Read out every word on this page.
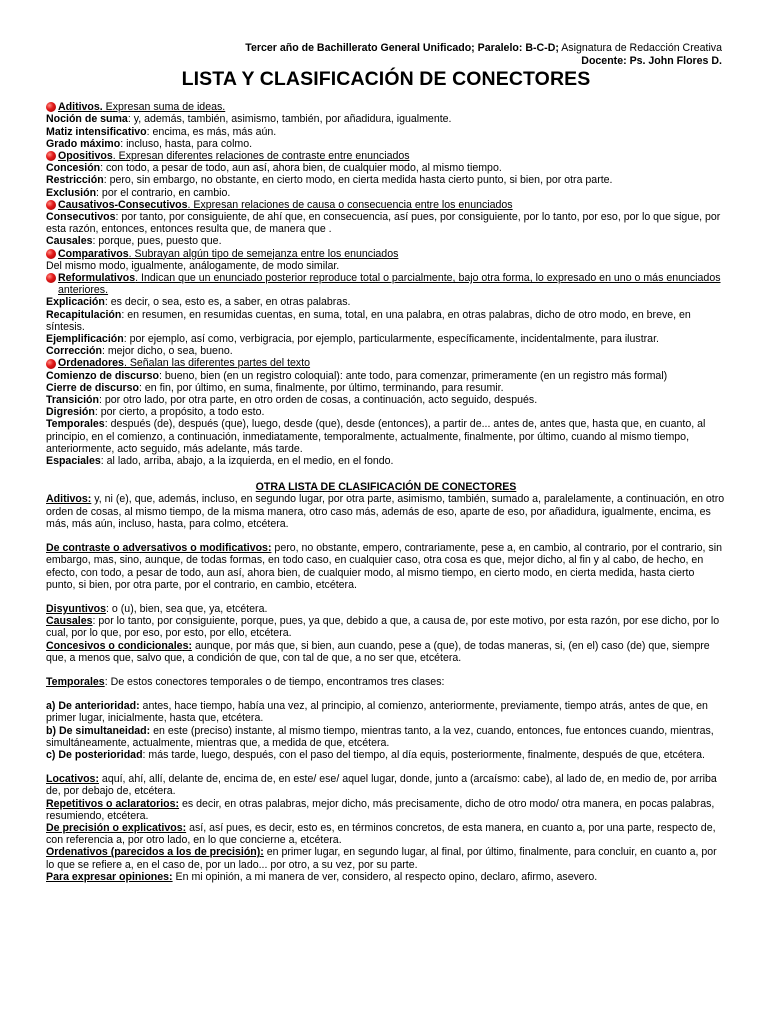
Tercer año de Bachillerato General Unificado; Paralelo: B-C-D; Asignatura de Redacción Creativa
Docente: Ps. John Flores D.
LISTA Y CLASIFICACIÓN DE CONECTORES
Aditivos. Expresan suma de ideas.

Noción de suma: y, además, también, asimismo, también, por añadidura, igualmente.

Matiz intensificativo: encima, es más, más aún.

Grado máximo: incluso, hasta, para colmo.

Opositivos. Expresan diferentes relaciones de contraste entre enunciados

Concesión: con todo, a pesar de todo, aun así, ahora bien, de cualquier modo, al mismo tiempo.

Restricción: pero, sin embargo, no obstante, en cierto modo, en cierta medida hasta cierto punto, si bien, por otra parte.

Exclusión: por el contrario, en cambio.

Causativos-Consecutivos. Expresan relaciones de causa o consecuencia entre los enunciados

Consecutivos: por tanto, por consiguiente, de ahí que, en consecuencia, así pues, por consiguiente, por lo tanto, por eso, por lo que sigue, por esta razón, entonces, entonces resulta que, de manera que .

Causales: porque, pues, puesto que.

Comparativos. Subrayan algún tipo de semejanza entre los enunciados

Del mismo modo, igualmente, análogamente, de modo similar.

Reformulativos. Indican que un enunciado posterior reproduce total o parcialmente, bajo otra forma, lo expresado en uno o más enunciados anteriores.

Explicación: es decir, o sea, esto es, a saber, en otras palabras.

Recapitulación: en resumen, en resumidas cuentas, en suma, total, en una palabra, en otras palabras, dicho de otro modo, en breve, en síntesis.

Ejemplificación: por ejemplo, así como, verbigracia, por ejemplo, particularmente, específicamente, incidentalmente, para ilustrar.

Corrección: mejor dicho, o sea, bueno.

Ordenadores. Señalan las diferentes partes del texto

Comienzo de discurso: bueno, bien (en un registro coloquial): ante todo, para comenzar, primeramente (en un registro más formal)

Cierre de discurso: en fin, por último, en suma, finalmente, por último, terminando, para resumir.

Transición: por otro lado, por otra parte, en otro orden de cosas, a continuación, acto seguido, después.

Digresión: por cierto, a propósito, a todo esto.

Temporales: después (de), después (que), luego, desde (que), desde (entonces), a partir de... antes de, antes que, hasta que, en cuanto, al principio, en el comienzo, a continuación, inmediatamente, temporalmente, actualmente, finalmente, por último, cuando al mismo tiempo, anteriormente, acto seguido, más adelante, más tarde.

Espaciales: al lado, arriba, abajo, a la izquierda, en el medio, en el fondo.

OTRA LISTA DE CLASIFICACIÓN DE CONECTORES

Aditivos: y, ni (e), que, además, incluso, en segundo lugar, por otra parte, asimismo, también, sumado a, paralelamente, a continuación, en otro orden de cosas, al mismo tiempo, de la misma manera, otro caso más, además de eso, aparte de eso, por añadidura, igualmente, encima, es más, más aún, incluso, hasta, para colmo, etcétera.

De contraste o adversativos o modificativos: pero, no obstante, empero, contrariamente, pese a, en cambio, al contrario, por el contrario, sin embargo, mas, sino, aunque, de todas formas, en todo caso, en cualquier caso, otra cosa es que, mejor dicho, al fin y al cabo, de hecho, en efecto, con todo, a pesar de todo, aun así, ahora bien, de cualquier modo, al mismo tiempo, en cierto modo, en cierta medida, hasta cierto punto, si bien, por otra parte, por el contrario, en cambio, etcétera.

Disyuntivos: o (u), bien, sea que, ya, etcétera.

Causales: por lo tanto, por consiguiente, porque, pues, ya que, debido a que, a causa de, por este motivo, por esta razón, por ese dicho, por lo cual, por lo que, por eso, por esto, por ello, etcétera.

Concesivos o condicionales: aunque, por más que, si bien, aun cuando, pese a (que), de todas maneras, si, (en el) caso (de) que, siempre que, a menos que, salvo que, a condición de que, con tal de que, a no ser que, etcétera.

Temporales: De estos conectores temporales o de tiempo, encontramos tres clases:

a) De anterioridad: antes, hace tiempo, había una vez, al principio, al comienzo, anteriormente, previamente, tiempo atrás, antes de que, en primer lugar, inicialmente, hasta que, etcétera.

b) De simultaneidad: en este (preciso) instante, al mismo tiempo, mientras tanto, a la vez, cuando, entonces, fue entonces cuando, mientras, simultáneamente, actualmente, mientras que, a medida de que, etcétera.

c) De posterioridad: más tarde, luego, después, con el paso del tiempo, al día equis, posteriormente, finalmente, después de que, etcétera.

Locativos: aquí, ahí, allí, delante de, encima de, en este/ ese/ aquel lugar, donde, junto a (arcaísmo: cabe), al lado de, en medio de, por arriba de, por debajo de, etcétera.

Repetitivos o aclaratorios: es decir, en otras palabras, mejor dicho, más precisamente, dicho de otro modo/ otra manera, en pocas palabras, resumiendo, etcétera.

De precisión o explicativos: así, así pues, es decir, esto es, en términos concretos, de esta manera, en cuanto a, por una parte, respecto de, con referencia a, por otro lado, en lo que concierne a, etcétera.

Ordenativos (parecidos a los de precisión): en primer lugar, en segundo lugar, al final, por último, finalmente, para concluir, en cuanto a, por lo que se refiere a, en el caso de, por un lado... por otro, a su vez, por su parte.

Para expresar opiniones: En mi opinión, a mi manera de ver, considero, al respecto opino, declaro, afirmo, asevero.
